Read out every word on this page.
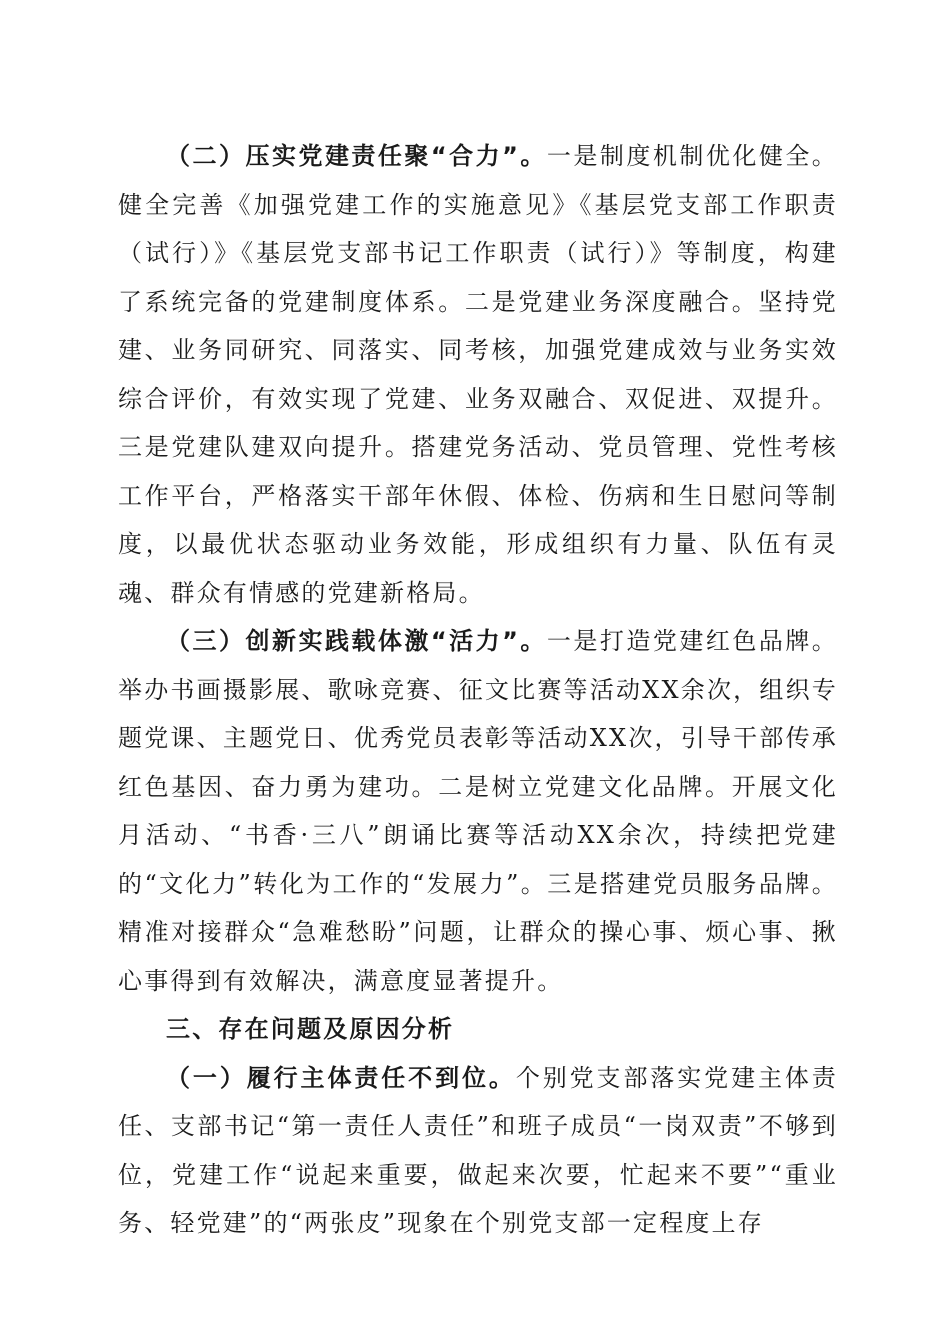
（二）压实党建责任聚“合力”。一是制度机制优化健全。健全完善《加强党建工作的实施意见》《基层党支部工作职责（试行）》《基层党支部书记工作职责（试行）》等制度，构建了系统完备的党建制度体系。二是党建业务深度融合。坚持党建、业务同研究、同落实、同考核，加强党建成效与业务实效综合评价，有效实现了党建、业务双融合、双促进、双提升。三是党建队建双向提升。搭建党务活动、党员管理、党性考核工作平台，严格落实干部年休假、体检、伤病和生日慰问等制度，以最优状态驱动业务效能，形成组织有力量、队伍有灵魂、群众有情感的党建新格局。

（三）创新实践载体激“活力”。一是打造党建红色品牌。举办书画摄影展、歌咏竞赛、征文比赛等活动XX余次，组织专题党课、主题党日、优秀党员表彰等活动XX次，引导干部传承红色基因、奋力勇为建功。二是树立党建文化品牌。开展文化月活动、“书香·三八”朗诵比赛等活动XX余次，持续把党建的“文化力”转化为工作的“发展力”。三是搭建党员服务品牌。精准对接群众“急难愁盼”问题，让群众的操心事、烦心事、揪心事得到有效解决，满意度显著提升。

三、存在问题及原因分析

（一）履行主体责任不到位。个别党支部落实党建主体责任、支部书记“第一责任人责任”和班子成员“一岗双责”不够到位，党建工作“说起来重要，做起来次要，忙起来不要”“重业务、轻党建”的“两张皮”现象在个别党支部一定程度上存
